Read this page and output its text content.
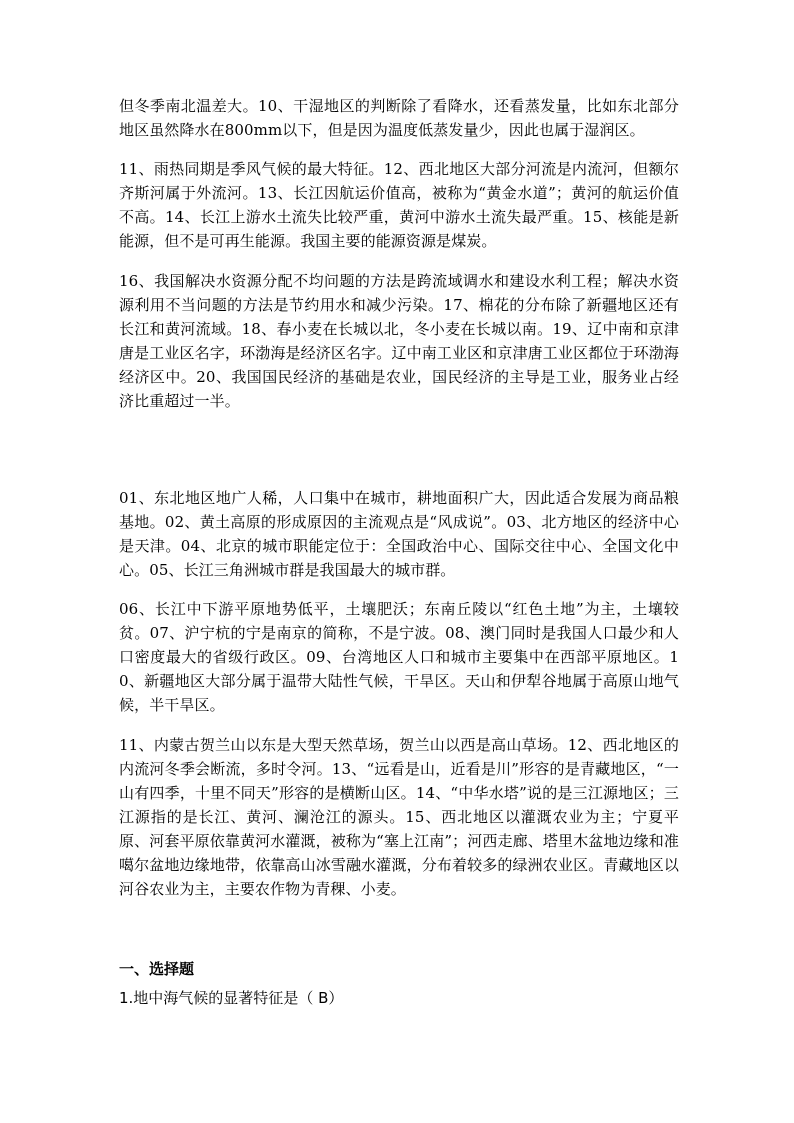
但冬季南北温差大。10、干湿地区的判断除了看降水，还看蒸发量，比如东北部分地区虽然降水在800mm以下，但是因为温度低蒸发量少，因此也属于湿润区。

11、雨热同期是季风气候的最大特征。12、西北地区大部分河流是内流河，但额尔齐斯河属于外流河。13、长江因航运价值高，被称为“黄金水道”；黄河的航运价值不高。14、长江上游水土流失比较严重，黄河中游水土流失最严重。15、核能是新能源，但不是可再生能源。我国主要的能源资源是煤炭。

16、我国解决水资源分配不均问题的方法是跨流域调水和建设水利工程；解决水资源利用不当问题的方法是节约用水和减少污染。17、棉花的分布除了新疆地区还有长江和黄河流域。18、春小麦在长城以北，冬小麦在长城以南。19、辽中南和京津唐是工业区名字，环渤海是经济区名字。辽中南工业区和京津唐工业区都位于环渤海经济区中。20、我国国民经济的基础是农业，国民经济的主导是工业，服务业占经济比重超过一半。

01、东北地区地广人稀，人口集中在城市，耕地面积广大，因此适合发展为商品粮基地。02、黄土高原的形成原因的主流观点是“风成说”。03、北方地区的经济中心是天津。04、北京的城市职能定位于：全国政治中心、国际交往中心、全国文化中心。05、长江三角洲城市群是我国最大的城市群。

06、长江中下游平原地势低平，土壤肥沃；东南丘陵以“红色土地”为主，土壤较贫。07、沪宁杭的宁是南京的简称，不是宁波。08、澳门同时是我国人口最少和人口密度最大的省级行政区。09、台湾地区人口和城市主要集中在西部平原地区。10、新疆地区大部分属于温带大陆性气候，干旱区。天山和伊犁谷地属于高原山地气候，半干旱区。

11、内蒙古贺兰山以东是大型天然草场，贺兰山以西是高山草场。12、西北地区的内流河冬季会断流，多时令河。13、“远看是山，近看是川”形容的是青藏地区，“一山有四季，十里不同天”形容的是横断山区。14、“中华水塔”说的是三江源地区；三江源指的是长江、黄河、澜沧江的源头。15、西北地区以灌溉农业为主；宁夏平原、河套平原依靠黄河水灌溉，被称为“塞上江南”；河西走廊、塔里木盆地边缘和准噶尔盆地边缘地带，依靠高山冰雪融水灌溉，分布着较多的绿洲农业区。青藏地区以河谷农业为主，主要农作物为青稞、小麦。

一、选择题

1.地中海气候的显著特征是（ B）
